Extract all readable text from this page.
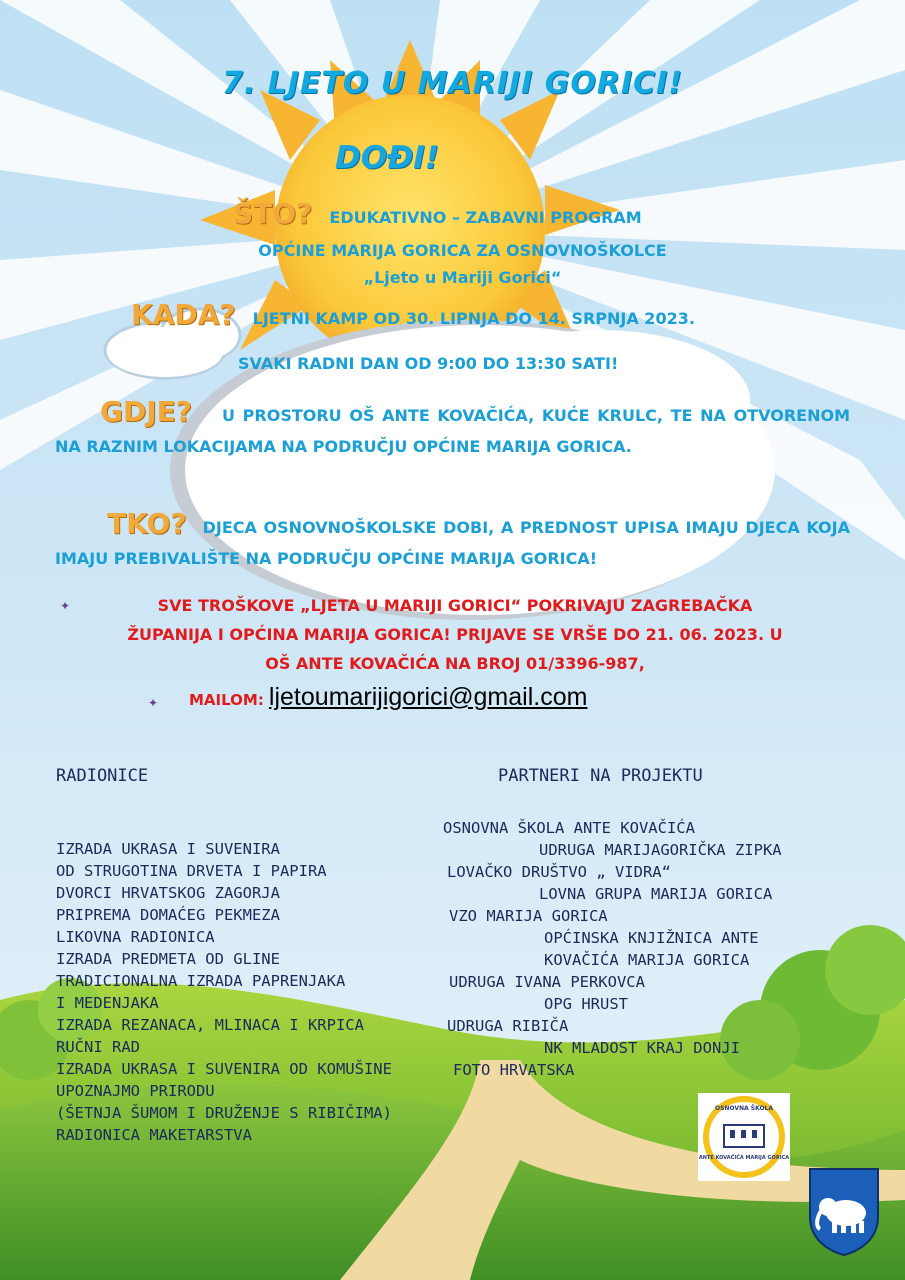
7. LJETO U MARIJI GORICI!
DOĐI!
ŠTO? EDUKATIVNO – ZABAVNI PROGRAM
OPĆINE MARIJA GORICA ZA OSNOVNOŠKOLCE
„Ljeto u Mariji Gorici“
KADA? LJETNI KAMP OD 30. LIPNJA DO 14. SRPNJA 2023.
SVAKI RADNI DAN OD 9:00 DO 13:30 SATI!
GDJE? U PROSTORU OŠ ANTE KOVAČIĆA, KUĆE KRULC, TE NA OTVORENOM NA RAZNIM LOKACIJAMA NA PODRUČJU OPĆINE MARIJA GORICA.
TKO? DJECA OSNOVNOŠKOLSKE DOBI, A PREDNOST UPISA IMAJU DJECA KOJA IMAJU PREBIVALIŠTE NA PODRUČJU OPĆINE MARIJA GORICA!
✦	SVE TROŠKOVE „LJETA U MARIJI GORICI“ POKRIVAJU ZAGREBAČKA
ŽUPANIJA I OPĆINA MARIJA GORICA! PRIJAVE SE VRŠE DO 21. 06. 2023. U
OŠ ANTE KOVAČIĆA NA BROJ 01/3396-987,
✦ MAILOM: ljetoumarijigorici@gmail.com
RADIONICE
IZRADA UKRASA I SUVENIRA
OD STRUGOTINA DRVETA I PAPIRA
DVORCI HRVATSKOG ZAGORJA
PRIPREMA DOMAĆEG PEKMEZA
LIKOVNA RADIONICA
IZRADA PREDMETA OD GLINE
TRADICIONALNA IZRADA PAPRENJAKA
I MEDENJAKA
IZRADA REZANACA, MLINACA I KRPICA
RUČNI RAD
IZRADA UKRASA I SUVENIRA OD KOMUŠINE
UPOZNAJMO PRIRODU
(ŠETNJA ŠUMOM I DRUŽENJE S RIBIČIMA)
RADIONICA MAKETARSTVA
PARTNERI NA PROJEKTU
OSNOVNA ŠKOLA ANTE KOVAČIĆA
UDRUGA MARIJAGORIČKA ZIPKA
LOVAČKO DRUŠTVO „ VIDRA“
LOVNA GRUPA MARIJA GORICA
VZO MARIJA GORICA
OPĆINSKA KNJIŽNICA ANTE
KOVAČIĆA MARIJA GORICA
UDRUGA IVANA PERKOVCA
OPG HRUST
UDRUGA RIBIČA
NK MLADOST KRAJ DONJI
FOTO HRVATSKA
OSNOVNA ŠKOLA
ANTE KOVAČIĆA MARIJA GORICA
